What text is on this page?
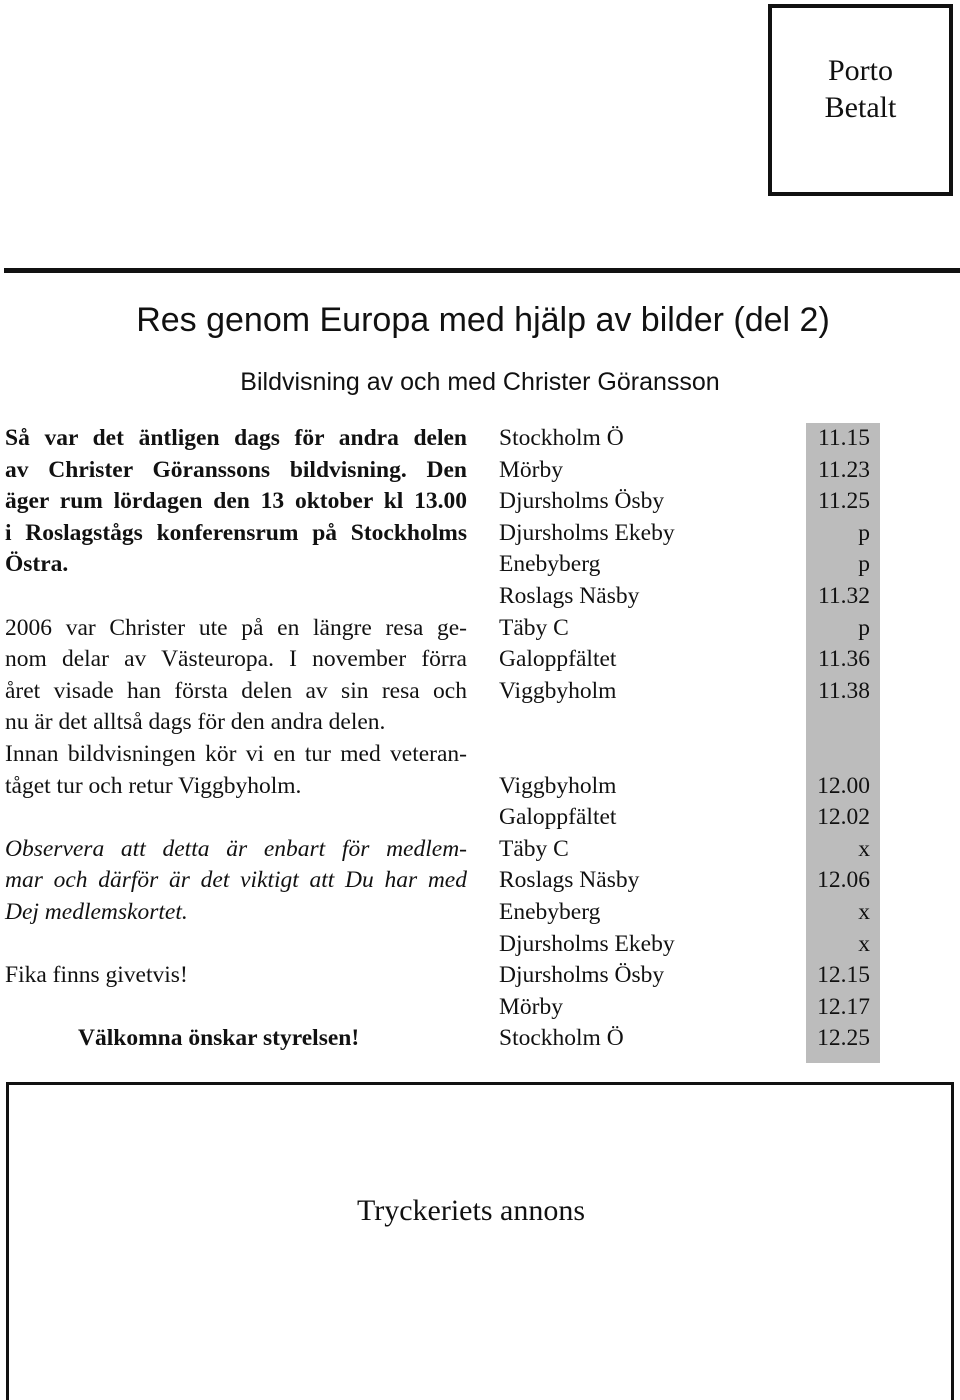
Porto
Betalt
Res genom Europa med hjälp av bilder (del 2)
Bildvisning av och med Christer Göransson

Så var det äntligen dags för andra delen

av Christer Göranssons bildvisning. Den

äger rum lördagen den 13 oktober kl 13.00

i Roslagstågs konferensrum på Stockholms

Östra.

2006 var Christer ute på en längre resa ge-

nom delar av Västeuropa. I november förra

året visade han första delen av sin resa och

nu är det alltså dags för den andra delen.

Innan bildvisningen kör vi en tur med veteran-

tåget tur och retur Viggbyholm.

Observera att detta är enbart för medlem-

mar och därför är det viktigt att Du har med

Dej medlemskortet.

Fika finns givetvis!

Välkomna önskar styrelsen!

Stockholm Ö	11.15
Mörby	11.23
Djursholms Ösby	11.25
Djursholms Ekeby	p
Enebyberg	p
Roslags Näsby	11.32
Täby C	p
Galoppfältet	11.36
Viggbyholm	11.38
Viggbyholm	12.00
Galoppfältet	12.02
Täby C	x
Roslags Näsby	12.06
Enebyberg	x
Djursholms Ekeby	x
Djursholms Ösby	12.15
Mörby	12.17
Stockholm Ö	12.25
Tryckeriets annons
